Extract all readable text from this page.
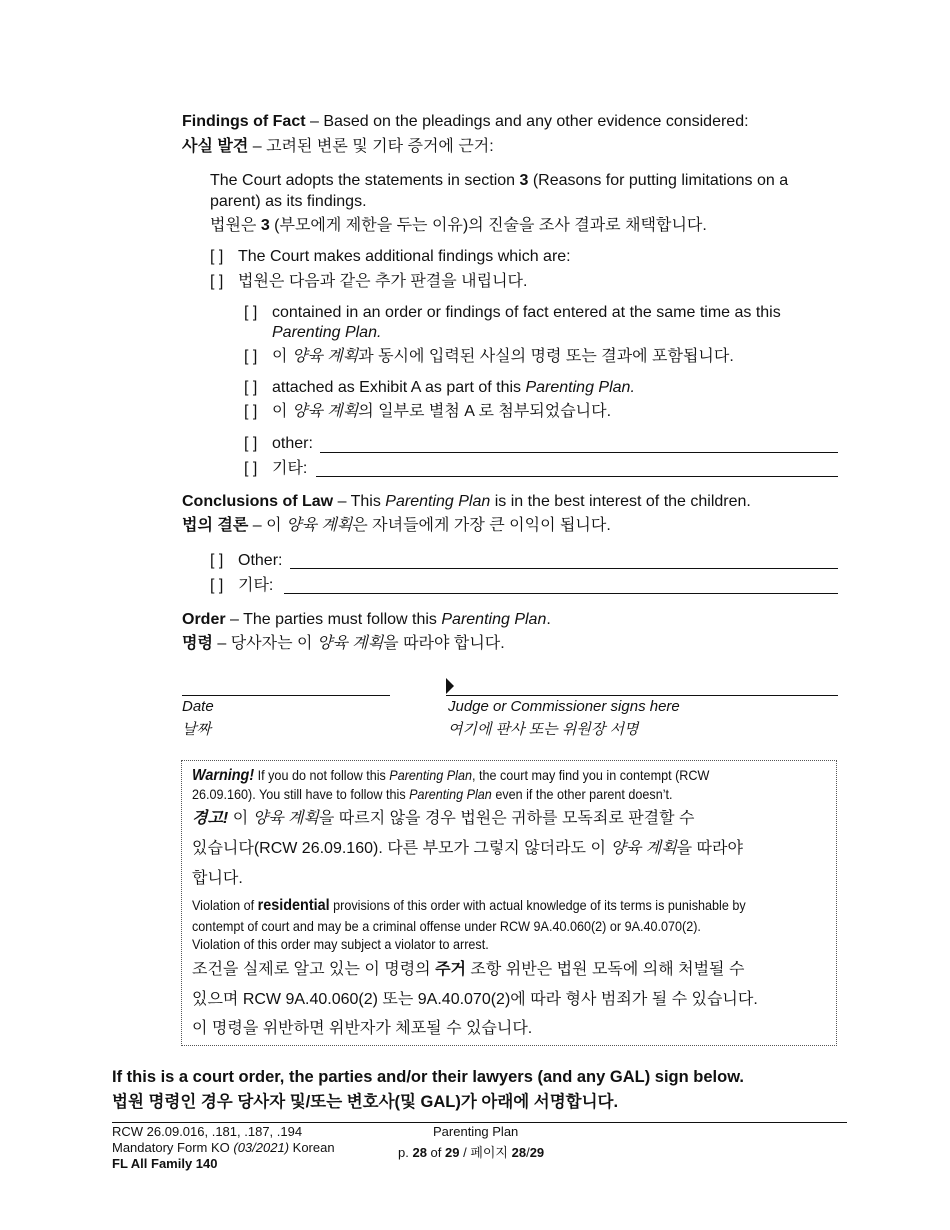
Findings of Fact – Based on the pleadings and any other evidence considered:
사실 발견 – 고려된 변론 및 기타 증거에 근거:
The Court adopts the statements in section 3 (Reasons for putting limitations on a
parent) as its findings.
법원은 3 (부모에게 제한을 두는 이유)의 진술을 조사 결과로 채택합니다.
[ ] The Court makes additional findings which are:
[ ] 법원은 다음과 같은 추가 판결을 내립니다.
[ ] contained in an order or findings of fact entered at the same time as this
Parenting Plan.
[ ] 이 양육 계획과 동시에 입력된 사실의 명령 또는 결과에 포함됩니다.
[ ] attached as Exhibit A as part of this Parenting Plan.
[ ] 이 양육 계획의 일부로 별첨 A 로 첨부되었습니다.
[ ] other:
[ ] 기타:
Conclusions of Law – This Parenting Plan is in the best interest of the children.
법의 결론 – 이 양육 계획은 자녀들에게 가장 큰 이익이 됩니다.
[ ] Other:
[ ] 기타:
Order – The parties must follow this Parenting Plan.
명령 – 당사자는 이 양육 계획을 따라야 합니다.
Date
날짜
Judge or Commissioner signs here
여기에 판사 또는 위원장 서명
Warning! If you do not follow this Parenting Plan, the court may find you in contempt (RCW
26.09.160). You still have to follow this Parenting Plan even if the other parent doesn’t.
경고! 이 양육 계획을 따르지 않을 경우 법원은 귀하를 모독죄로 판결할 수
있습니다(RCW 26.09.160). 다른 부모가 그렇지 않더라도 이 양육 계획을 따라야
합니다.
Violation of residential provisions of this order with actual knowledge of its terms is punishable by
contempt of court and may be a criminal offense under RCW 9A.40.060(2) or 9A.40.070(2).
Violation of this order may subject a violator to arrest.
조건을 실제로 알고 있는 이 명령의 주거 조항 위반은 법원 모독에 의해 처벌될 수
있으며 RCW 9A.40.060(2) 또는 9A.40.070(2)에 따라 형사 범죄가 될 수 있습니다.
이 명령을 위반하면 위반자가 체포될 수 있습니다.
If this is a court order, the parties and/or their lawyers (and any GAL) sign below.
법원 명령인 경우 당사자 및/또는 변호사(및 GAL)가 아래에 서명합니다.
RCW 26.09.016, .181, .187, .194
Mandatory Form KO (03/2021) Korean
FL All Family 140
Parenting Plan
p. 28 of 29 / 페이지 28/29
